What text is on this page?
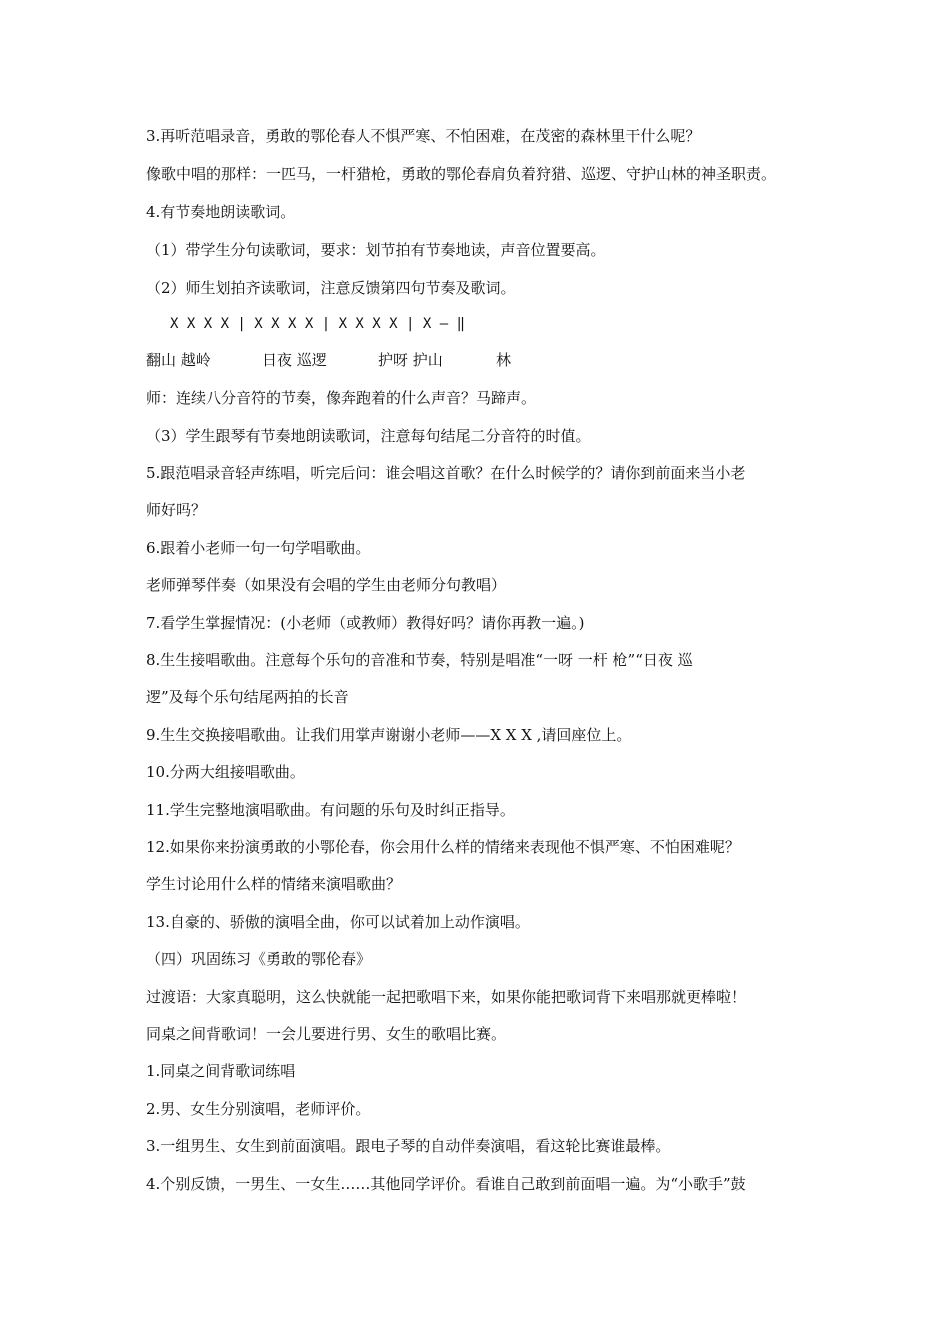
3.再听范唱录音，勇敢的鄂伦春人不惧严寒、不怕困难，在茂密的森林里干什么呢？
像歌中唱的那样：一匹马，一杆猎枪，勇敢的鄂伦春肩负着狩猎、巡逻、守护山林的神圣职责。
4.有节奏地朗读歌词。
（1）带学生分句读歌词，要求：划节拍有节奏地读，声音位置要高。
（2）师生划拍齐读歌词，注意反馈第四句节奏及歌词。
X X X X | X X X X | X X X X | X — ‖
翻山 越岭	日夜 巡逻	护呀 护山	林
师：连续八分音符的节奏，像奔跑着的什么声音？马蹄声。
（3）学生跟琴有节奏地朗读歌词，注意每句结尾二分音符的时值。
5.跟范唱录音轻声练唱，听完后问：谁会唱这首歌？在什么时候学的？请你到前面来当小老
师好吗？
6.跟着小老师一句一句学唱歌曲。
老师弹琴伴奏（如果没有会唱的学生由老师分句教唱）
7.看学生掌握情况：(小老师（或教师）教得好吗？请你再教一遍。)
8.生生接唱歌曲。注意每个乐句的音准和节奏，特别是唱准“一呀 一杆 枪”“日夜 巡
逻”及每个乐句结尾两拍的长音
9.生生交换接唱歌曲。让我们用掌声谢谢小老师——X X X ,请回座位上。
10.分两大组接唱歌曲。
11.学生完整地演唱歌曲。有问题的乐句及时纠正指导。
12.如果你来扮演勇敢的小鄂伦春，你会用什么样的情绪来表现他不惧严寒、不怕困难呢？
学生讨论用什么样的情绪来演唱歌曲？
13.自豪的、骄傲的演唱全曲，你可以试着加上动作演唱。
（四）巩固练习《勇敢的鄂伦春》
过渡语：大家真聪明，这么快就能一起把歌唱下来，如果你能把歌词背下来唱那就更棒啦！
同桌之间背歌词！一会儿要进行男、女生的歌唱比赛。
1.同桌之间背歌词练唱
2.男、女生分别演唱，老师评价。
3.一组男生、女生到前面演唱。跟电子琴的自动伴奏演唱，看这轮比赛谁最棒。
4.个别反馈，一男生、一女生……其他同学评价。看谁自己敢到前面唱一遍。为“小歌手”鼓
